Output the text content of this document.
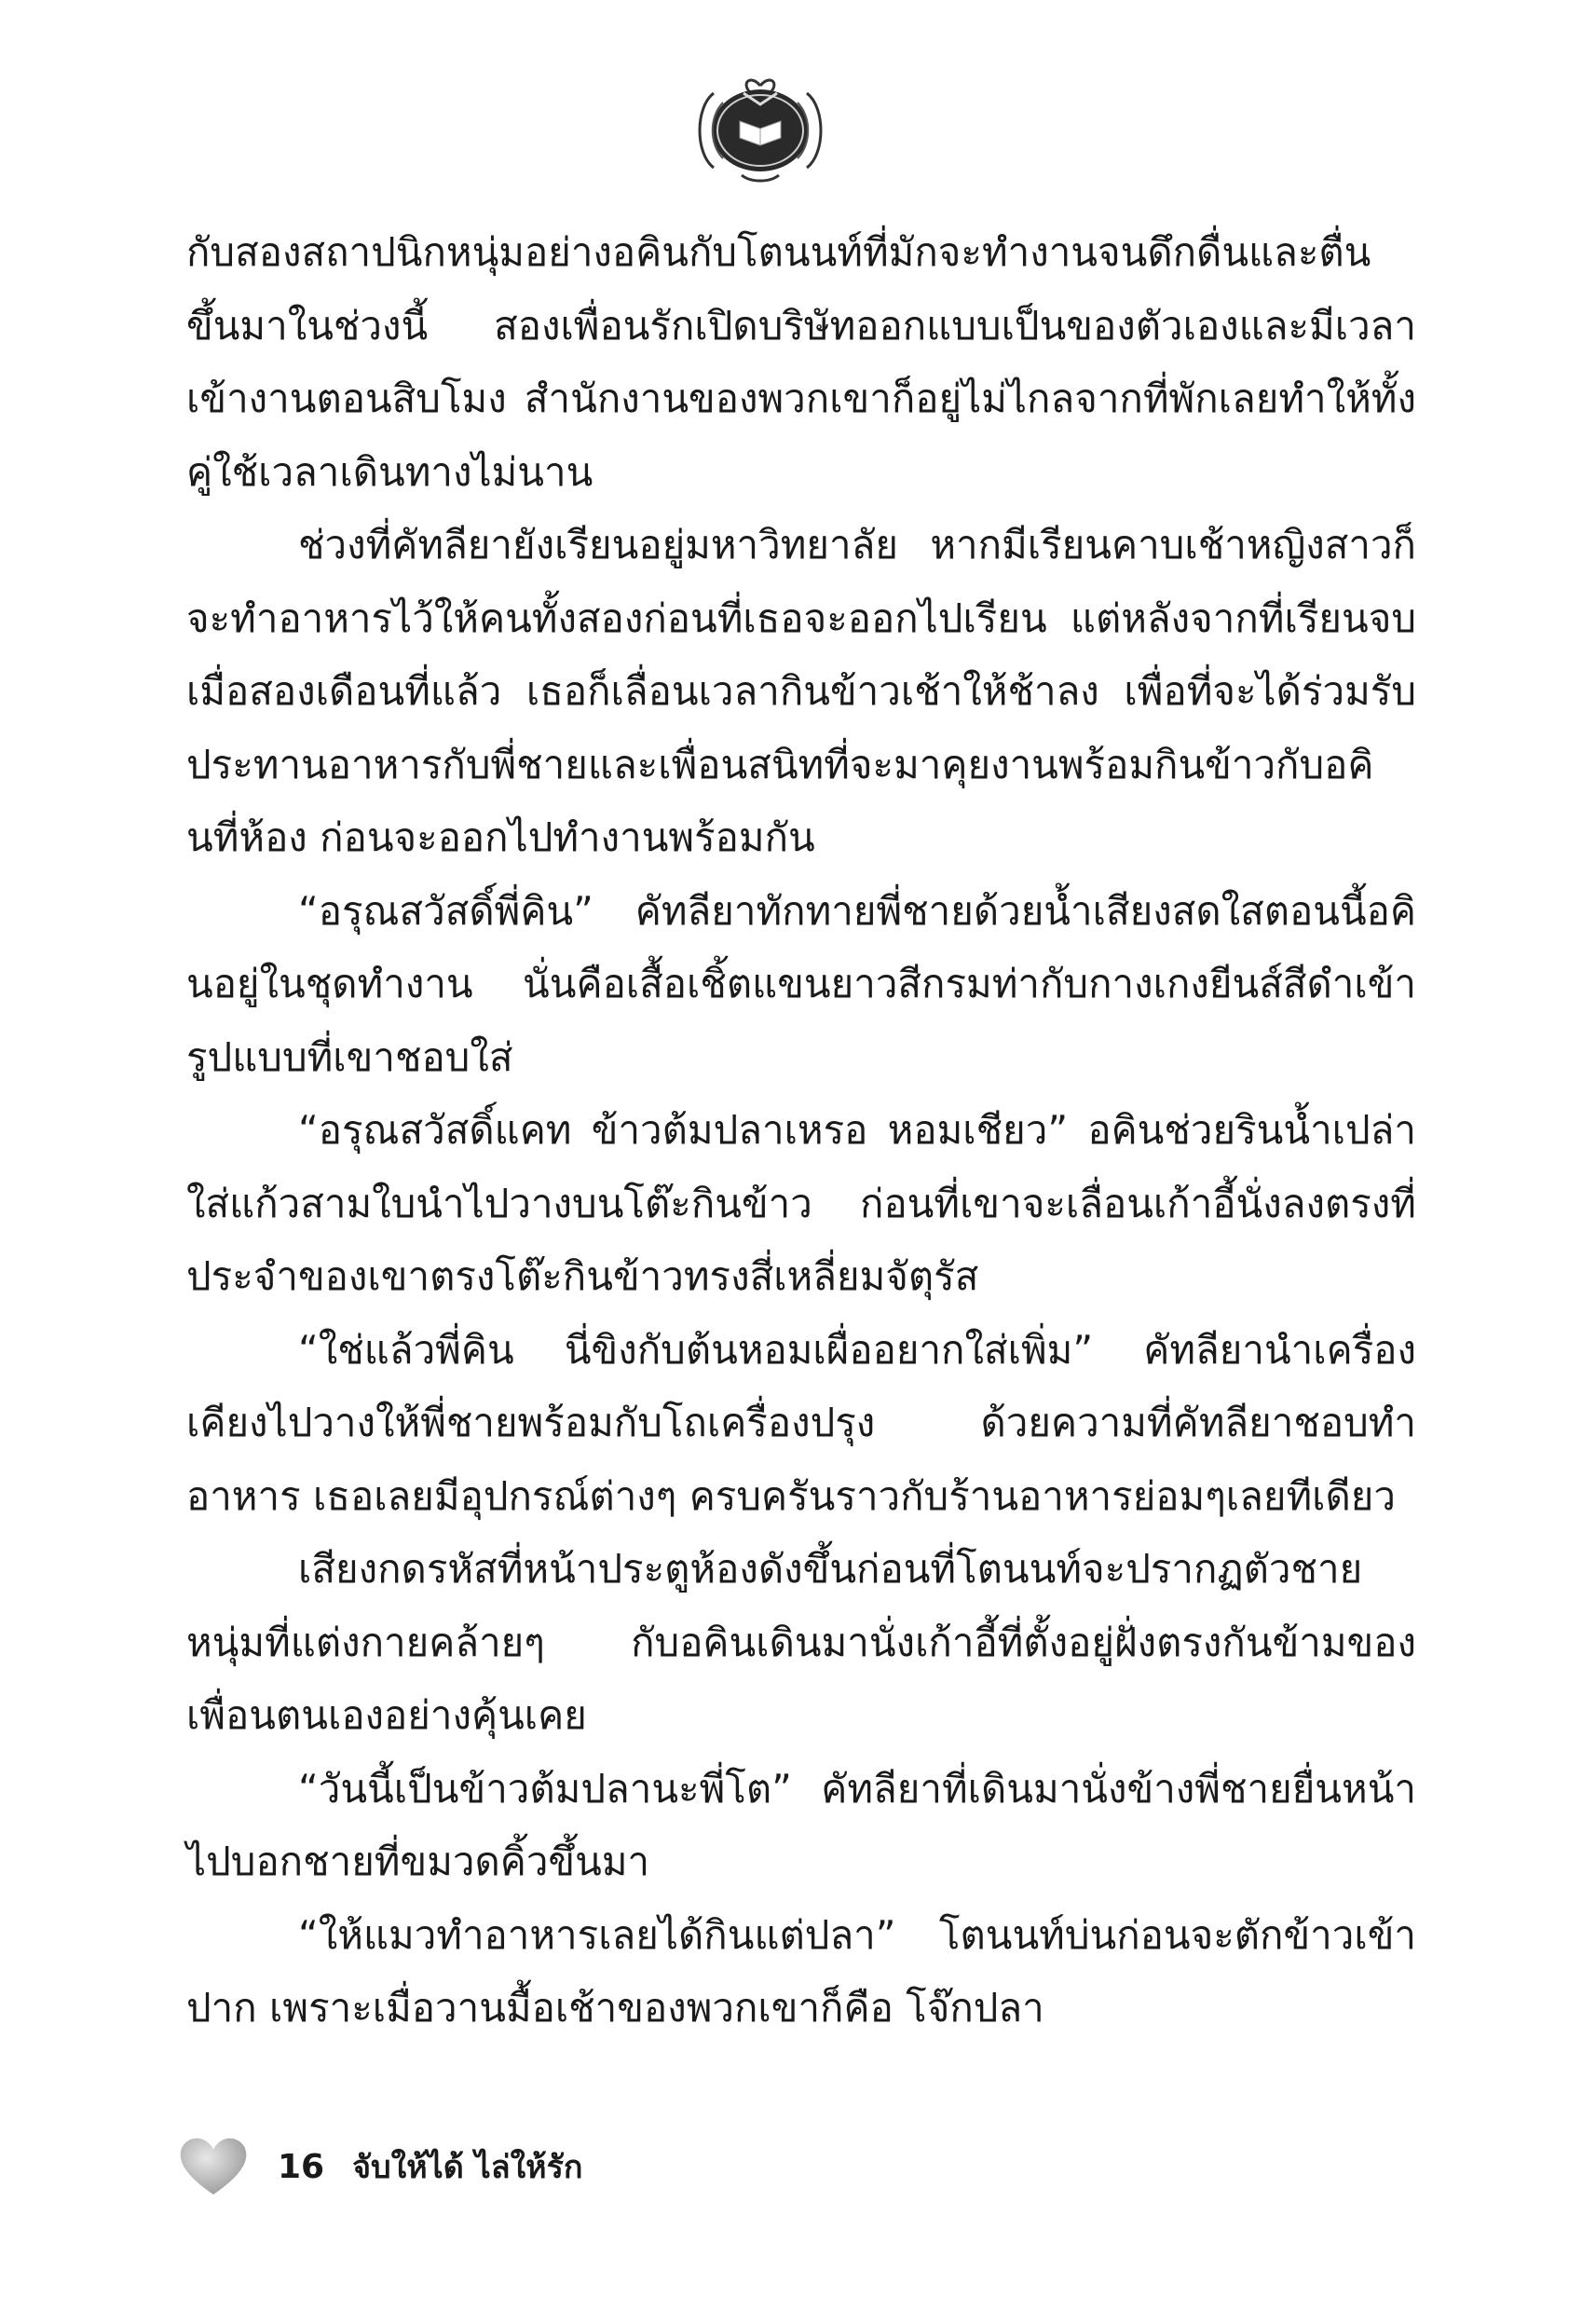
กับสองสถาปนิกหนุ่มอย่างอคินกับโตนนท์ที่มักจะทำงานจนดึกดื่นและตื่นขึ้นมาในช่วงนี้ สองเพื่อนรักเปิดบริษัทออกแบบเป็นของตัวเองและมีเวลาเข้างานตอนสิบโมง สำนักงานของพวกเขาก็อยู่ไม่ไกลจากที่พักเลยทำให้ทั้งคู่ใช้เวลาเดินทางไม่นาน

ช่วงที่คัทลียายังเรียนอยู่มหาวิทยาลัย หากมีเรียนคาบเช้าหญิงสาวก็จะทำอาหารไว้ให้คนทั้งสองก่อนที่เธอจะออกไปเรียน แต่หลังจากที่เรียนจบเมื่อสองเดือนที่แล้ว เธอก็เลื่อนเวลากินข้าวเช้าให้ช้าลง เพื่อที่จะได้ร่วมรับประทานอาหารกับพี่ชายและเพื่อนสนิทที่จะมาคุยงานพร้อมกินข้าวกับอคินที่ห้อง ก่อนจะออกไปทำงานพร้อมกัน

“อรุณสวัสดิ์พี่คิน” คัทลียาทักทายพี่ชายด้วยน้ำเสียงสดใสตอนนี้อคินอยู่ในชุดทำงาน นั่นคือเสื้อเชิ้ตแขนยาวสีกรมท่ากับกางเกงยีนส์สีดำเข้ารูปแบบที่เขาชอบใส่

“อรุณสวัสดิ์แคท ข้าวต้มปลาเหรอ หอมเชียว” อคินช่วยรินน้ำเปล่าใส่แก้วสามใบนำไปวางบนโต๊ะกินข้าว ก่อนที่เขาจะเลื่อนเก้าอี้นั่งลงตรงที่ประจำของเขาตรงโต๊ะกินข้าวทรงสี่เหลี่ยมจัตุรัส

“ใช่แล้วพี่คิน นี่ขิงกับต้นหอมเผื่ออยากใส่เพิ่ม” คัทลียานำเครื่องเคียงไปวางให้พี่ชายพร้อมกับโถเครื่องปรุง ด้วยความที่คัทลียาชอบทำอาหาร เธอเลยมีอุปกรณ์ต่างๆ ครบครันราวกับร้านอาหารย่อมๆเลยทีเดียว

เสียงกดรหัสที่หน้าประตูห้องดังขึ้นก่อนที่โตนนท์จะปรากฏตัวชายหนุ่มที่แต่งกายคล้ายๆ กับอคินเดินมานั่งเก้าอี้ที่ตั้งอยู่ฝั่งตรงกันข้ามของเพื่อนตนเองอย่างคุ้นเคย

“วันนี้เป็นข้าวต้มปลานะพี่โต” คัทลียาที่เดินมานั่งข้างพี่ชายยื่นหน้าไปบอกชายที่ขมวดคิ้วขึ้นมา

“ให้แมวทำอาหารเลยได้กินแต่ปลา” โตนนท์บ่นก่อนจะตักข้าวเข้าปาก เพราะเมื่อวานมื้อเช้าของพวกเขาก็คือ โจ๊กปลา

16 จับให้ได้ ไล่ให้รัก
